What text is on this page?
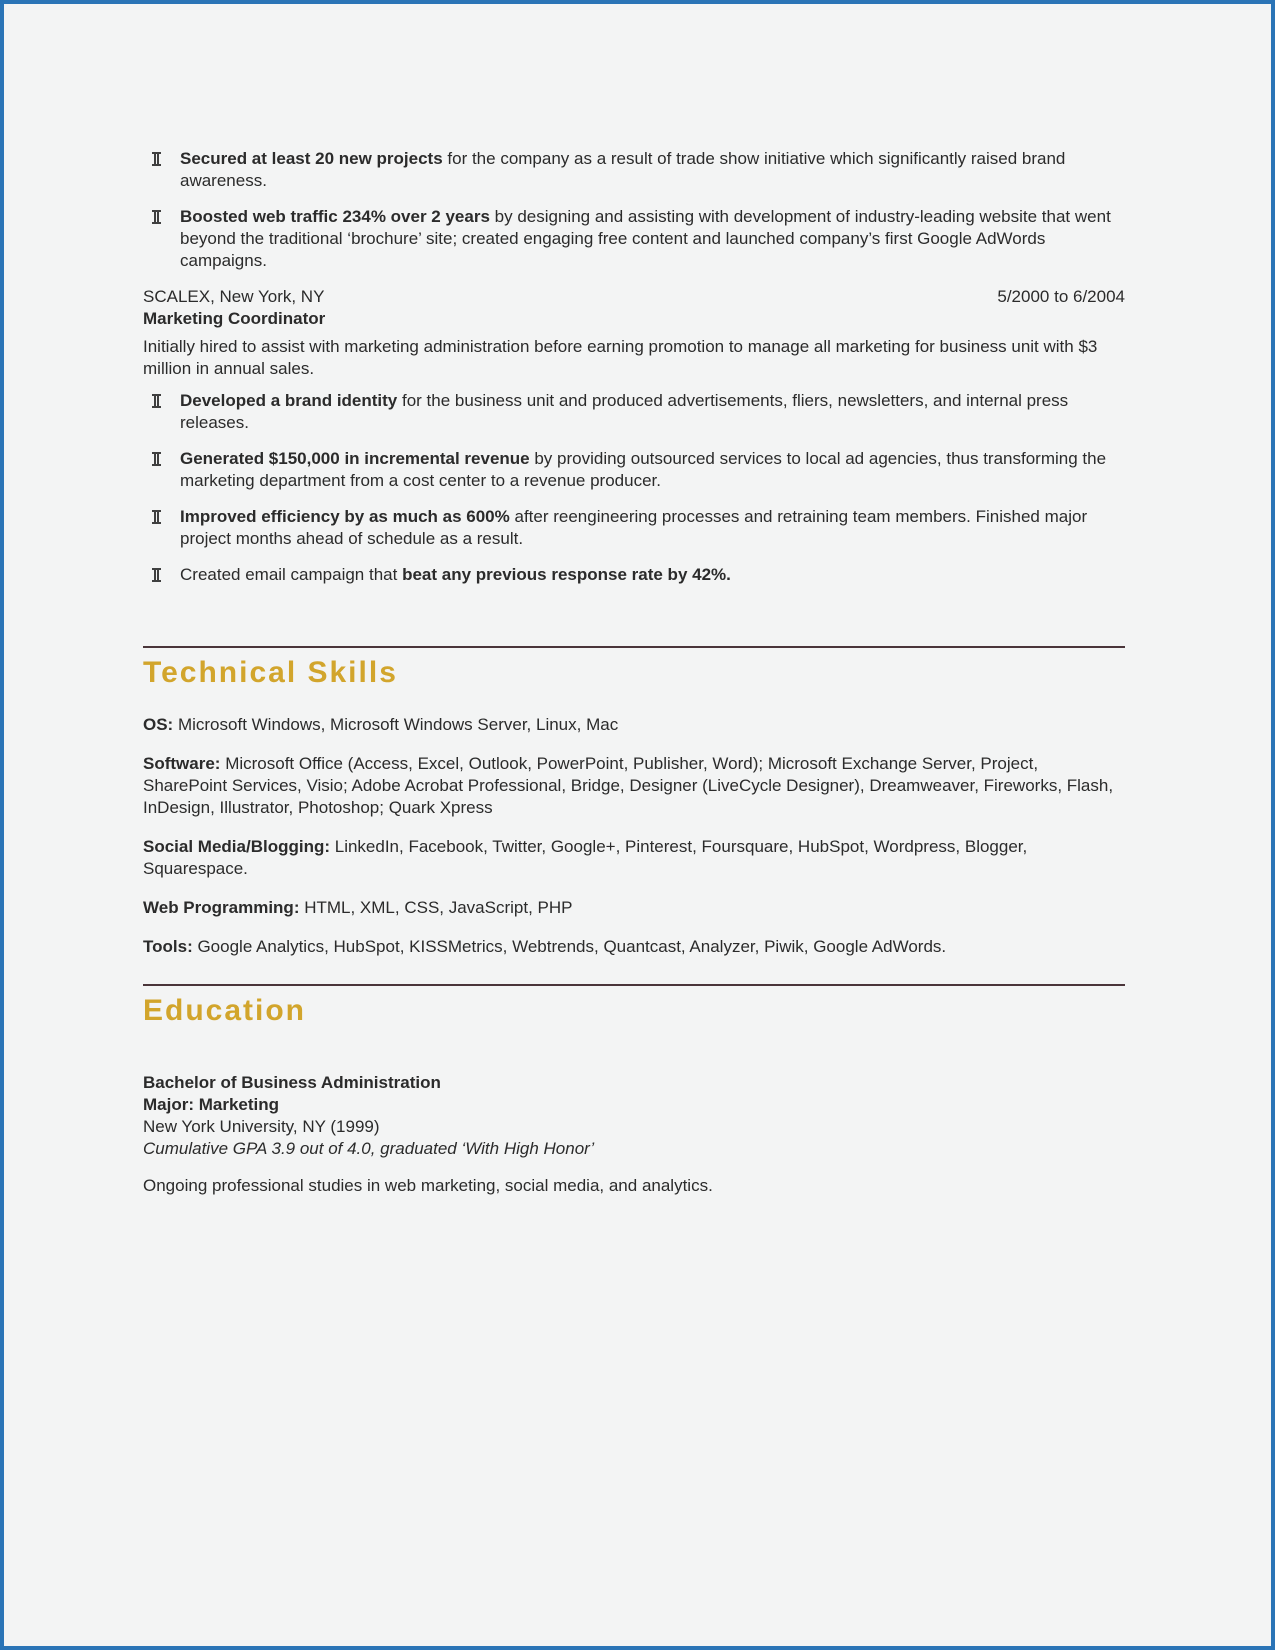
Secured at least 20 new projects for the company as a result of trade show initiative which significantly raised brand awareness.
Boosted web traffic 234% over 2 years by designing and assisting with development of industry-leading website that went beyond the traditional ‘brochure’ site; created engaging free content and launched company’s first Google AdWords campaigns.
SCALEX, New York, NY	5/2000 to 6/2004
Marketing Coordinator

Initially hired to assist with marketing administration before earning promotion to manage all marketing for business unit with $3 million in annual sales.

Developed a brand identity for the business unit and produced advertisements, fliers, newsletters, and internal press releases.
Generated $150,000 in incremental revenue by providing outsourced services to local ad agencies, thus transforming the marketing department from a cost center to a revenue producer.
Improved efficiency by as much as 600% after reengineering processes and retraining team members. Finished major project months ahead of schedule as a result.
Created email campaign that beat any previous response rate by 42%.
Technical Skills

OS: Microsoft Windows, Microsoft Windows Server, Linux, Mac

Software: Microsoft Office (Access, Excel, Outlook, PowerPoint, Publisher, Word); Microsoft Exchange Server, Project, SharePoint Services, Visio; Adobe Acrobat Professional, Bridge, Designer (LiveCycle Designer), Dreamweaver, Fireworks, Flash, InDesign, Illustrator, Photoshop; Quark Xpress

Social Media/Blogging: LinkedIn, Facebook, Twitter, Google+, Pinterest, Foursquare, HubSpot, Wordpress, Blogger, Squarespace.

Web Programming: HTML, XML, CSS, JavaScript, PHP

Tools: Google Analytics, HubSpot, KISSMetrics, Webtrends, Quantcast, Analyzer, Piwik, Google AdWords.

Education

Bachelor of Business Administration

Major: Marketing

New York University, NY (1999)

Cumulative GPA 3.9 out of 4.0, graduated ‘With High Honor’

Ongoing professional studies in web marketing, social media, and analytics.
